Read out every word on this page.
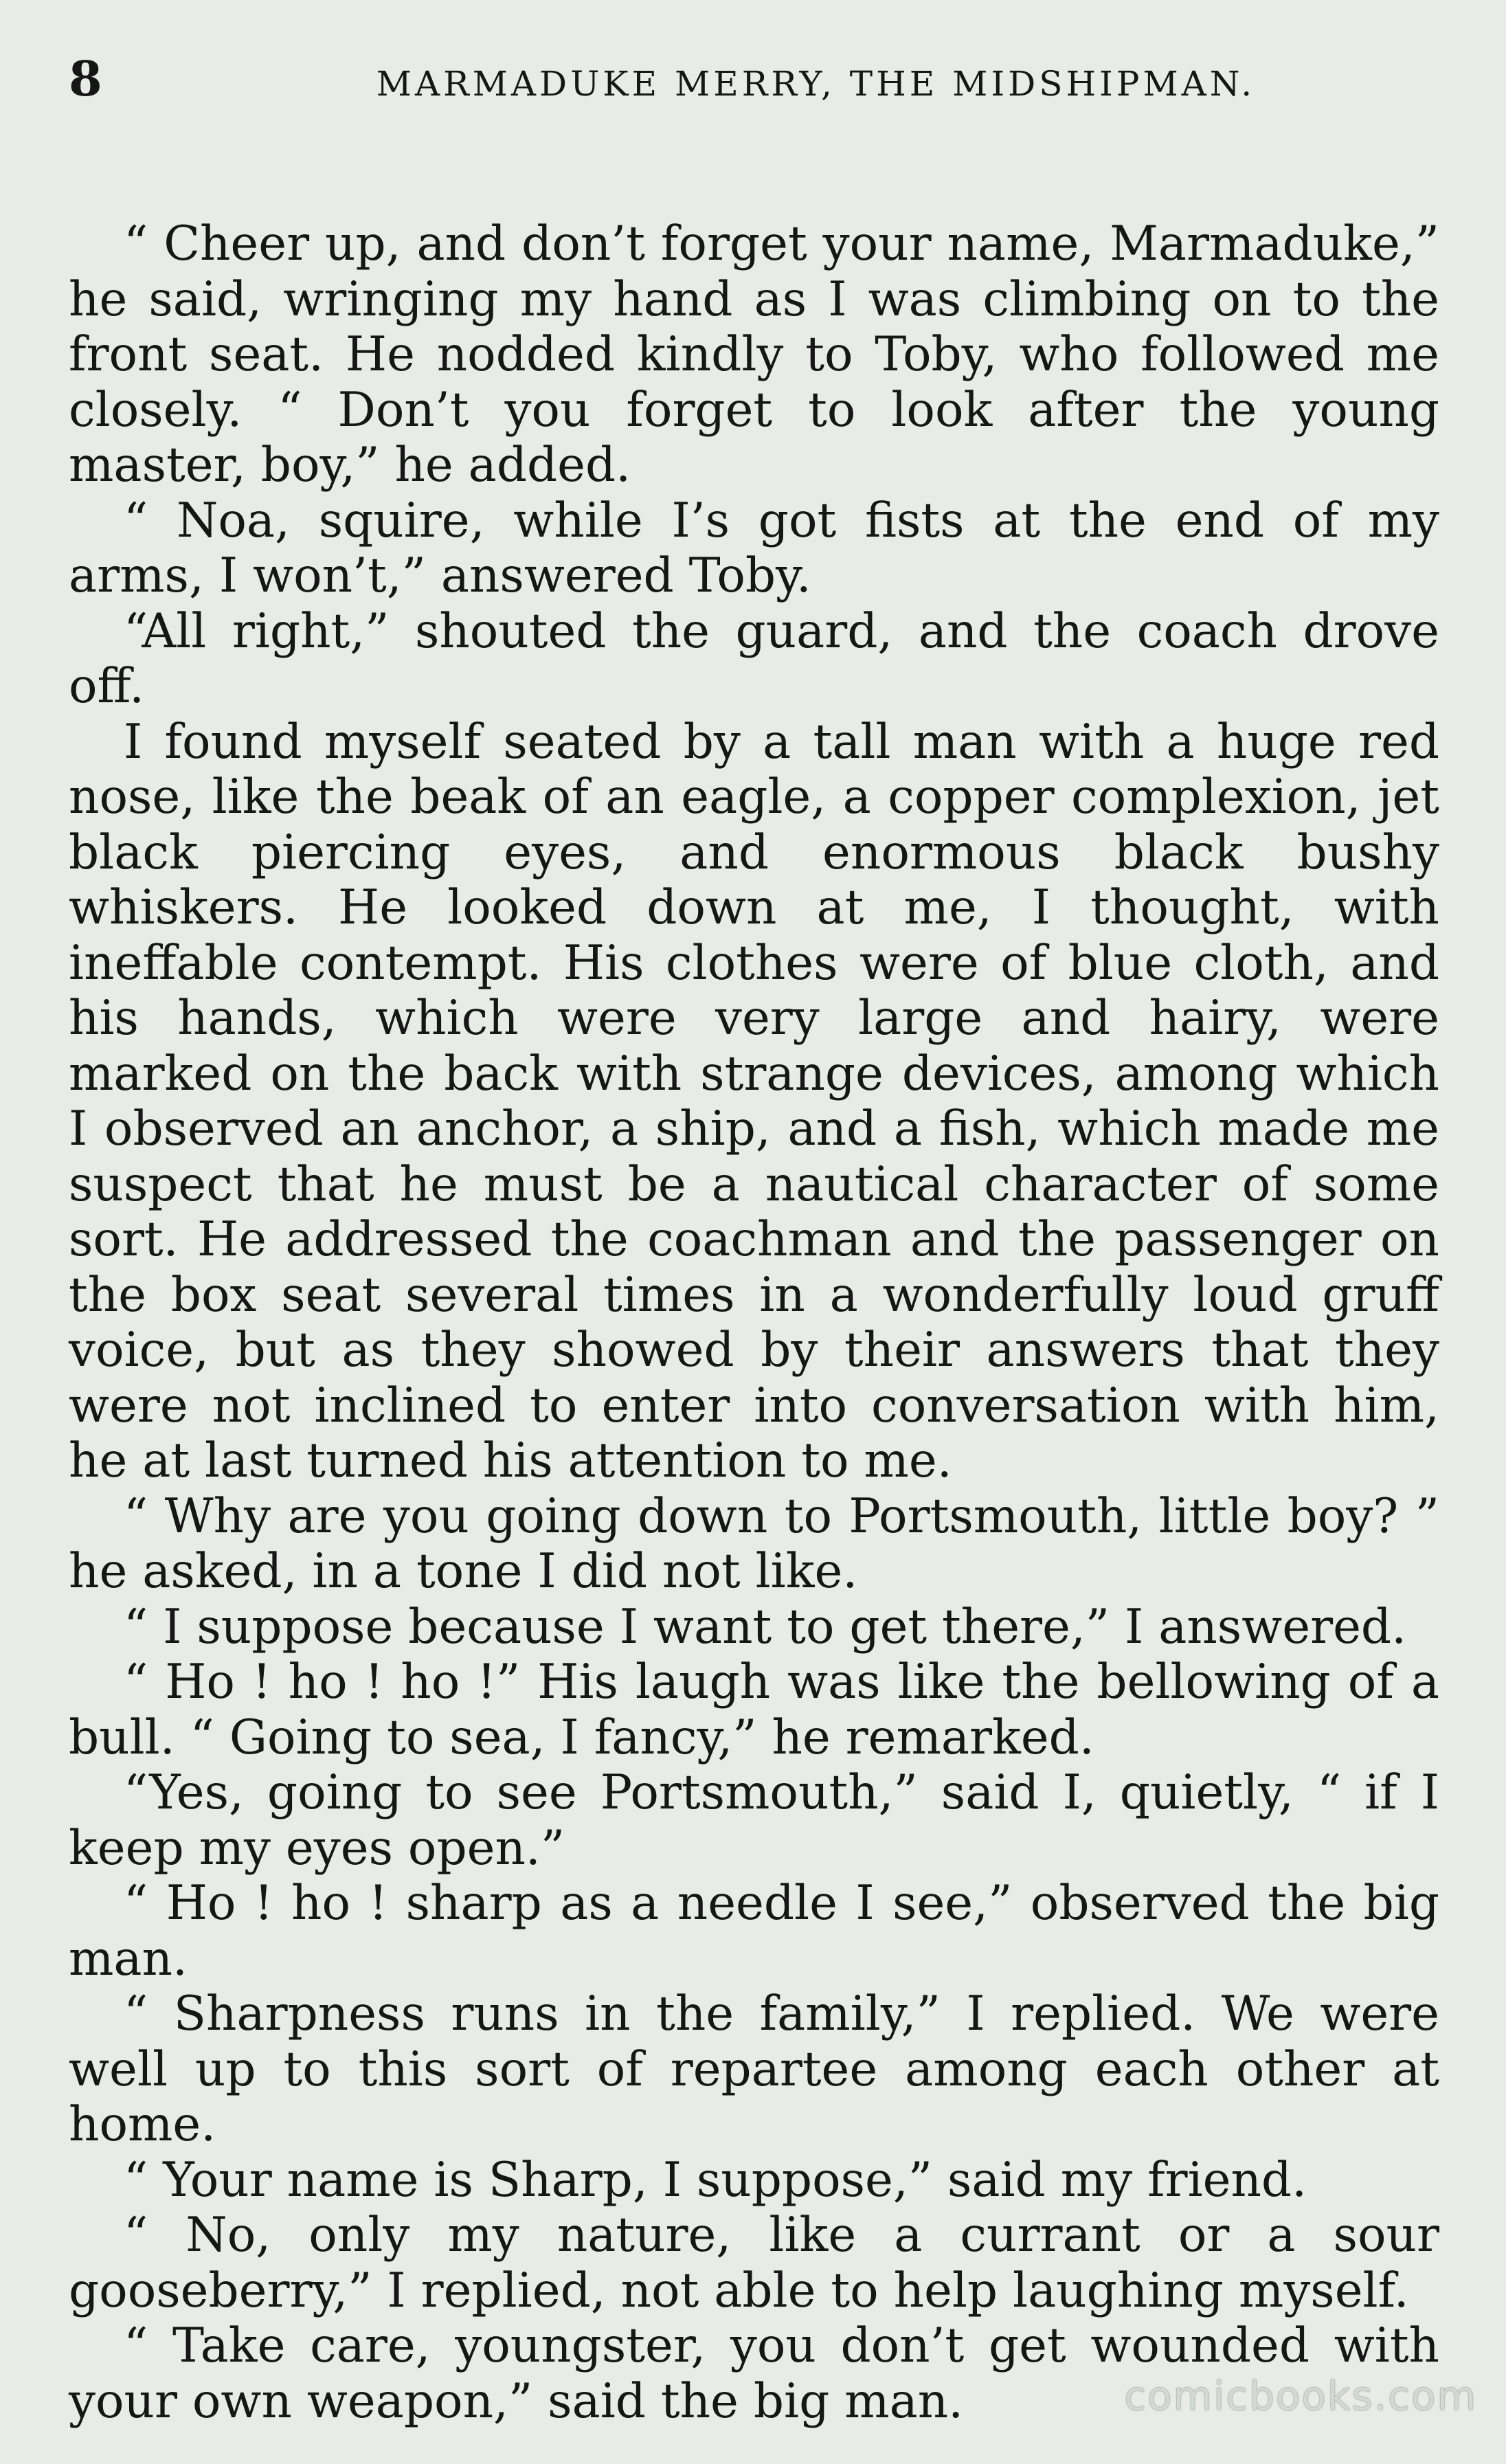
8	MARMADUKE MERRY, THE MIDSHIPMAN.

“ Cheer up, and don’t forget your name, Marmaduke,” he said, wringing my hand as I was climbing on to the front seat. He nodded kindly to Toby, who followed me closely. “ Don’t you forget to look after the young master, boy,” he added.

“ Noa, squire, while I’s got fists at the end of my arms, I won’t,” answered Toby.

“All right,” shouted the guard, and the coach drove off.

I found myself seated by a tall man with a huge red nose, like the beak of an eagle, a copper complexion, jet black piercing eyes, and enormous black bushy whiskers. He looked down at me, I thought, with ineffable contempt. His clothes were of blue cloth, and his hands, which were very large and hairy, were marked on the back with strange devices, among which I observed an anchor, a ship, and a fish, which made me suspect that he must be a nautical character of some sort. He addressed the coachman and the passenger on the box seat several times in a wonderfully loud gruff voice, but as they showed by their answers that they were not inclined to enter into conversation with him, he at last turned his attention to me.

“ Why are you going down to Portsmouth, little boy? ” he asked, in a tone I did not like.

“ I suppose because I want to get there,” I answered.

“ Ho ! ho ! ho !” His laugh was like the bellowing of a bull. “ Going to sea, I fancy,” he remarked.

“Yes, going to see Portsmouth,” said I, quietly, “ if I keep my eyes open.”

“ Ho ! ho ! sharp as a needle I see,” observed the big man.

“ Sharpness runs in the family,” I replied. We were well up to this sort of repartee among each other at home.

“ Your name is Sharp, I suppose,” said my friend.

“ No, only my nature, like a currant or a sour gooseberry,” I replied, not able to help laughing myself.

“ Take care, youngster, you don’t get wounded with your own weapon,” said the big man.	comicbooks.com
